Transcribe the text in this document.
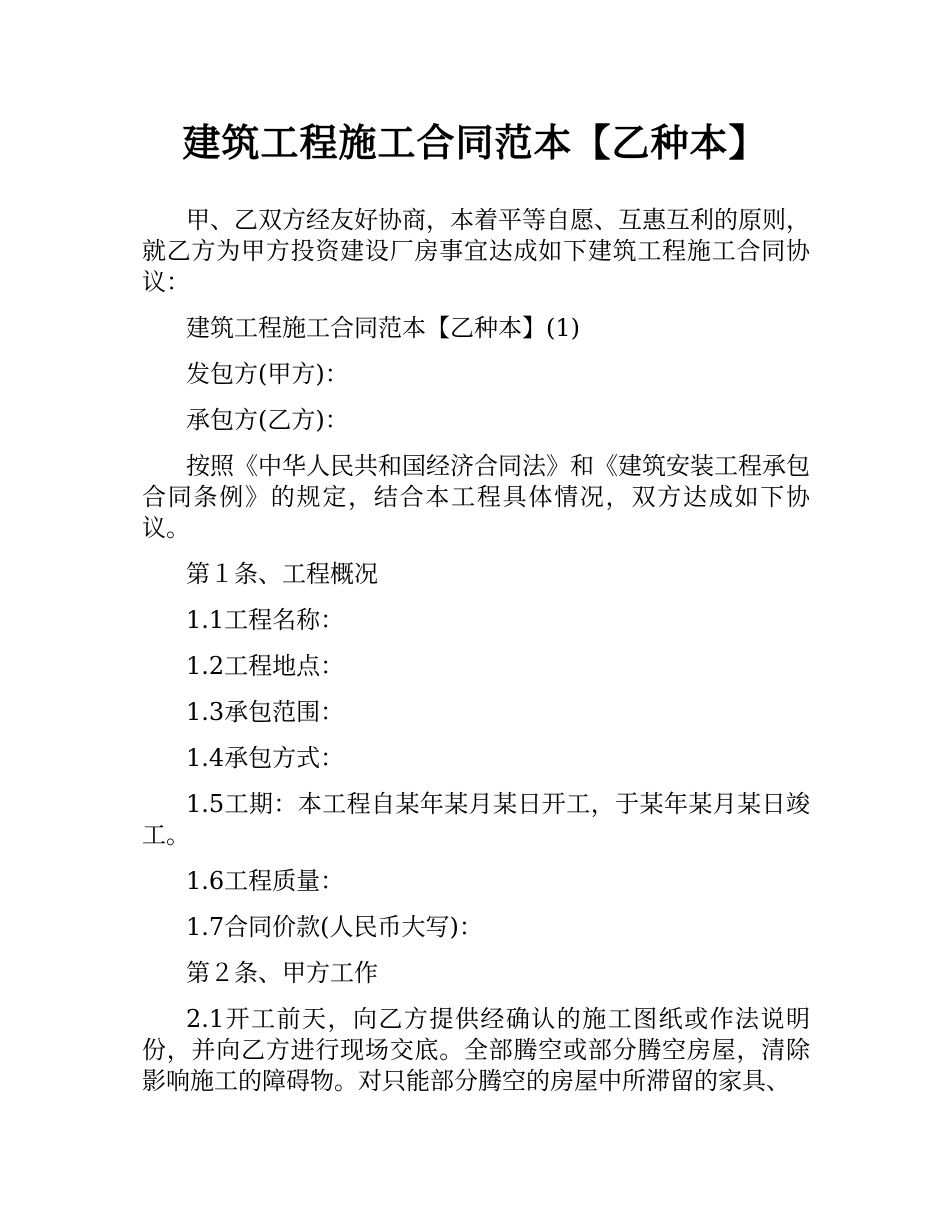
建筑工程施工合同范本【乙种本】

甲、乙双方经友好协商，本着平等自愿、互惠互利的原则，就乙方为甲方投资建设厂房事宜达成如下建筑工程施工合同协议：

建筑工程施工合同范本【乙种本】(1)

发包方(甲方)：

承包方(乙方)：

按照《中华人民共和国经济合同法》和《建筑安装工程承包合同条例》的规定，结合本工程具体情况，双方达成如下协议。

第１条、工程概况

1.1工程名称：

1.2工程地点：

1.3承包范围：

1.4承包方式：

1.5工期：本工程自某年某月某日开工，于某年某月某日竣工。

1.6工程质量：

1.7合同价款(人民币大写)：

第２条、甲方工作

2.1开工前天，向乙方提供经确认的施工图纸或作法说明份，并向乙方进行现场交底。全部腾空或部分腾空房屋，清除影响施工的障碍物。对只能部分腾空的房屋中所滞留的家具、
